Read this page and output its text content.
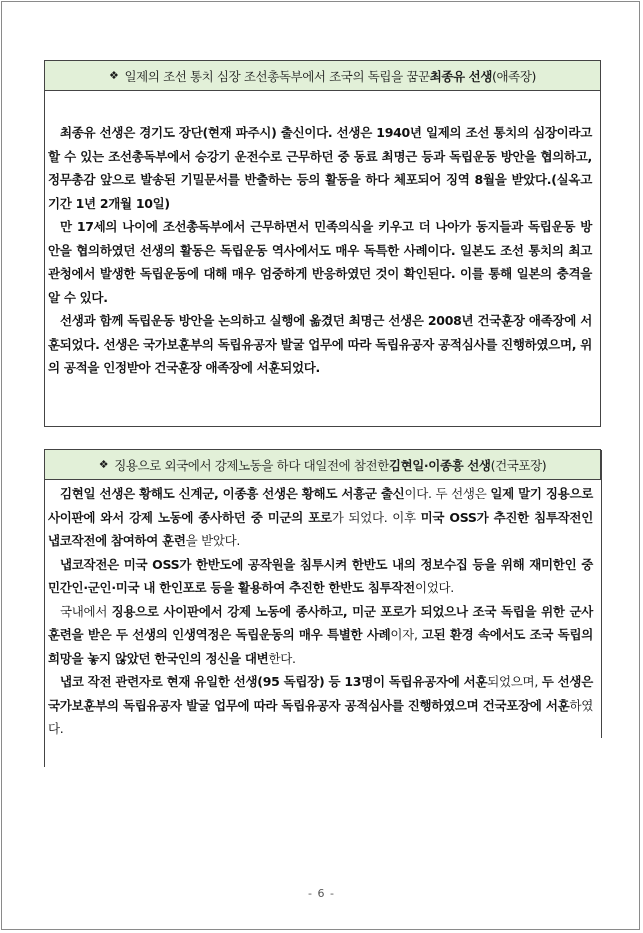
❖ 일제의 조선 통치 심장 조선총독부에서 조국의 독립을 꿈꾼 최종유 선생 (애족장)

최종유 선생은 경기도 장단(현재 파주시) 출신이다. 선생은 1940년 일제의 조선 통치의 심장이라고 할 수 있는 조선총독부에서 승강기 운전수로 근무하던 중 동료 최명근 등과 독립운동 방안을 협의하고, 정무총감 앞으로 발송된 기밀문서를 반출하는 등의 활동을 하다 체포되어 징역 8월을 받았다.(실옥고기간 1년 2개월 10일)

만 17세의 나이에 조선총독부에서 근무하면서 민족의식을 키우고 더 나아가 동지들과 독립운동 방안을 협의하였던 선생의 활동은 독립운동 역사에서도 매우 독특한 사례이다. 일본도 조선 통치의 최고 관청에서 발생한 독립운동에 대해 매우 엄중하게 반응하였던 것이 확인된다. 이를 통해 일본의 충격을 알 수 있다.

선생과 함께 독립운동 방안을 논의하고 실행에 옮겼던 최명근 선생은 2008년 건국훈장 애족장에 서훈되었다. 선생은 국가보훈부의 독립유공자 발굴 업무에 따라 독립유공자 공적심사를 진행하였으며, 위의 공적을 인정받아 건국훈장 애족장에 서훈되었다.

❖ 징용으로 외국에서 강제노동을 하다 대일전에 참전한 김현일·이종흥 선생 (건국포장)

김현일 선생은 황해도 신계군, 이종흥 선생은 황해도 서흥군 출신이다. 두 선생은 일제 말기 징용으로 사이판에 와서 강제 노동에 종사하던 중 미군의 포로가 되었다. 이후 미국 OSS가 추진한 침투작전인 냅코작전에 참여하여 훈련을 받았다.

냅코작전은 미국 OSS가 한반도에 공작원을 침투시켜 한반도 내의 정보수집 등을 위해 재미한인 중 민간인·군인·미국 내 한인포로 등을 활용하여 추진한 한반도 침투작전이었다.

국내에서 징용으로 사이판에서 강제 노동에 종사하고, 미군 포로가 되었으나 조국 독립을 위한 군사훈련을 받은 두 선생의 인생역정은 독립운동의 매우 특별한 사례이자, 고된 환경 속에서도 조국 독립의 희망을 놓지 않았던 한국인의 정신을 대변한다.

냅코 작전 관련자로 현재 유일한 선생(95 독립장) 등 13명이 독립유공자에 서훈되었으며, 두 선생은 국가보훈부의 독립유공자 발굴 업무에 따라 독립유공자 공적심사를 진행하였으며 건국포장에 서훈하였다.

- 6 -
